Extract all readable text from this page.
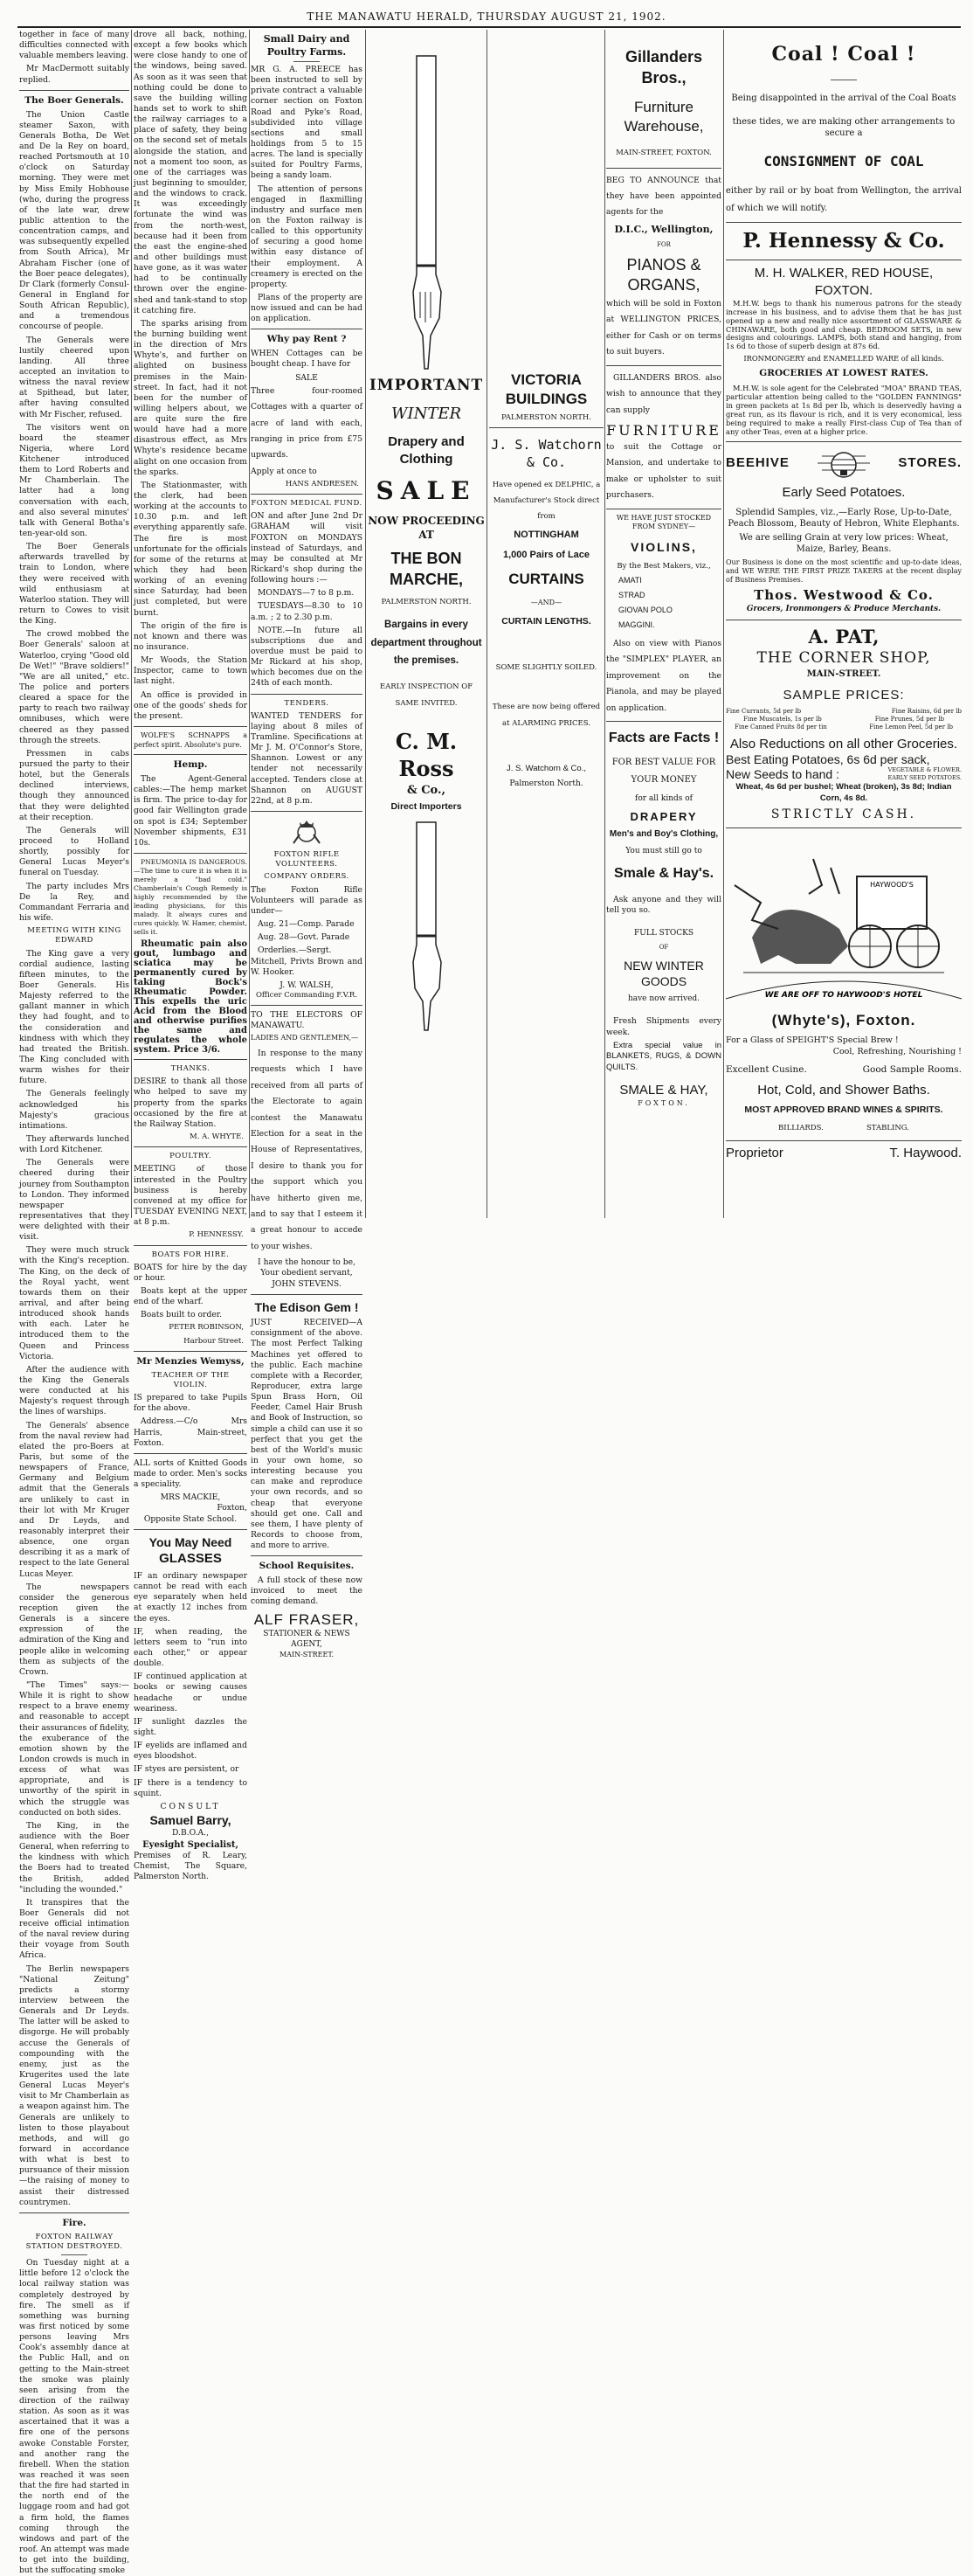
THE MANAWATU HERALD, THURSDAY AUGUST 21, 1902.

together in face of many difficulties connected with valuable members leaving.

Mr MacDermott suitably replied.

The Boer Generals.

The Union Castle steamer Saxon, with Generals Botha, De Wet and De la Rey on board, reached Portsmouth at 10 o'clock on Saturday morning. They were met by Miss Emily Hobhouse (who, during the progress of the late war, drew public attention to the concentration camps, and was subsequently expelled from South Africa), Mr Abraham Fischer (one of the Boer peace delegates), Dr Clark (formerly Consul-General in England for South African Republic), and a tremendous concourse of people.

The Generals were lustily cheered upon landing. All three accepted an invitation to witness the naval review at Spithead, but later, after having consulted with Mr Fischer, refused.

The visitors went on board the steamer Nigeria, where Lord Kitchener introduced them to Lord Roberts and Mr Chamberlain. The latter had a long conversation with each, and also several minutes' talk with General Botha's ten-year-old son.

The Boer Generals afterwards travelled by train to London, where they were received with wild enthusiasm at Waterloo station. They will return to Cowes to visit the King.

The crowd mobbed the Boer Generals' saloon at Waterloo, crying "Good old De Wet!" "Brave soldiers!" "We are all united," etc. The police and porters cleared a space for the party to reach two railway omnibuses, which were cheered as they passed through the streets.

Pressmen in cabs pursued the party to their hotel, but the Generals declined interviews, though they announced that they were delighted at their reception.

The Generals will proceed to Holland shortly, possibly for General Lucas Meyer's funeral on Tuesday.

The party includes Mrs De la Rey, and Commandant Ferraria and his wife.

MEETING WITH KING EDWARD

The King gave a very cordial audience, lasting fifteen minutes, to the Boer Generals. His Majesty referred to the gallant manner in which they had fought, and to the consideration and kindness with which they had treated the British. The King concluded with warm wishes for their future.

The Generals feelingly acknowledged his Majesty's gracious intimations.

They afterwards lunched with Lord Kitchener.

The Generals were cheered during their journey from Southampton to London. They informed newspaper representatives that they were delighted with their visit.

They were much struck with the King's reception. The King, on the deck of the Royal yacht, went towards them on their arrival, and after being introduced shook hands with each. Later he introduced them to the Queen and Princess Victoria.

After the audience with the King the Generals were conducted at his Majesty's request through the lines of warships.

The Generals' absence from the naval review had elated the pro-Boers at Paris, but some of the newspapers of France, Germany and Belgium admit that the Generals are unlikely to cast in their lot with Mr Kruger and Dr Leyds, and reasonably interpret their absence, one organ describing it as a mark of respect to the late General Lucas Meyer.

The newspapers consider the generous reception given the Generals is a sincere expression of the admiration of the King and people alike in welcoming them as subjects of the Crown.

"The Times" says:—While it is right to show respect to a brave enemy and reasonable to accept their assurances of fidelity, the exuberance of the emotion shown by the London crowds is much in excess of what was appropriate, and is unworthy of the spirit in which the struggle was conducted on both sides.

The King, in the audience with the Boer General, when referring to the kindness with which the Boers had to treated the British, added "including the wounded."

It transpires that the Boer Generals did not receive official intimation of the naval review during their voyage from South Africa.

The Berlin newspapers "National Zeitung" predicts a stormy interview between the Generals and Dr Leyds. The latter will be asked to disgorge. He will probably accuse the Generals of compounding with the enemy, just as the Krugerites used the late General Lucas Meyer's visit to Mr Chamberlain as a weapon against him. The Generals are unlikely to listen to those playabout methods, and will go forward in accordance with what is best to pursuance of their mission—the raising of money to assist their distressed countrymen.

Fire.
FOXTON RAILWAY STATION DESTROYED.

On Tuesday night at a little before 12 o'clock the local railway station was completely destroyed by fire. The smell as if something was burning was first noticed by some persons leaving Mrs Cook's assembly dance at the Public Hall, and on getting to the Main-street the smoke was plainly seen arising from the direction of the railway station. As soon as it was ascertained that it was a fire one of the persons awoke Constable Forster, and another rang the firebell. When the station was reached it was seen that the fire had started in the north end of the luggage room and had got a firm hold, the flames coming through the windows and part of the roof. An attempt was made to get into the building, but the suffocating smoke

drove all back, nothing, except a few books which were close handy to one of the windows, being saved. As soon as it was seen that nothing could be done to save the building willing hands set to work to shift the railway carriages to a place of safety, they being on the second set of metals alongside the station, and not a moment too soon, as one of the carriages was just beginning to smoulder, and the windows to crack. It was exceedingly fortunate the wind was from the north-west, because had it been from the east the engine-shed and other buildings must have gone, as it was water had to be continually thrown over the engine-shed and tank-stand to stop it catching fire.

The sparks arising from the burning building went in the direction of Mrs Whyte's, and further on alighted on business premises in the Main-street. In fact, had it not been for the number of willing helpers about, we are quite sure the fire would have had a more disastrous effect, as Mrs Whyte's residence became alight on one occasion from the sparks.

The Stationmaster, with the clerk, had been working at the accounts to 10.30 p.m. and left everything apparently safe. The fire is most unfortunate for the officials for some of the returns at which they had been working of an evening since Saturday, had been just completed, but were burnt.

The origin of the fire is not known and there was no insurance.

Mr Woods, the Station Inspector, came to town last night.

An office is provided in one of the goods' sheds for the present.

WOLFE'S SCHNAPPS a perfect spirit. Absolute's pure.

Hemp.

The Agent-General cables:—The hemp market is firm. The price to-day for good fair Wellington grade on spot is £34; September November shipments, £31 10s.

PNEUMONIA IS DANGEROUS.—The time to cure it is when it is merely a "bad cold." Chamberlain's Cough Remedy is highly recommended by the leading physicians, for this malady. It always cures and cures quickly. W. Hamer, chemist, sells it.

Rheumatic pain also gout, lumbago and sciatica may be permanently cured by taking Bock's Rheumatic Powder. This expells the uric Acid from the Blood and otherwise purifies the same and regulates the whole system. Price 3/6.

THANKS.

DESIRE to thank all those who helped to save my property from the sparks occasioned by the fire at the Railway Station.

M. A. WHYTE.
POULTRY.

MEETING of those interested in the Poultry business is hereby convened at my office for TUESDAY EVENING NEXT, at 8 p.m.

P. HENNESSY.
BOATS FOR HIRE.

BOATS for hire by the day or hour.

Boats kept at the upper end of the wharf.

Boats built to order.

PETER ROBINSON,
Harbour Street.
Mr Menzies Wemyss,
TEACHER OF THE VIOLIN.

IS prepared to take Pupils for the above.

Address.—C/o Mrs Harris, Main-street, Foxton.

ALL sorts of Knitted Goods made to order. Men's socks a speciality.

MRS MACKIE,
Foxton,
Opposite State School.
You May Need
GLASSES

IF an ordinary newspaper cannot be read with each eye separately when held at exactly 12 inches from the eyes.

IF, when reading, the letters seem to "run into each other," or appear double.

IF continued application at books or sewing causes headache or undue weariness.

IF sunlight dazzles the sight.

IF eyelids are inflamed and eyes bloodshot.

IF styes are persistent, or

IF there is a tendency to squint.

CONSULT
Samuel Barry,
D.B.O.A.,
Eyesight Specialist,

Premises of R. Leary, Chemist, The Square, Palmerston North.

Small Dairy and Poultry Farms.

MR G. A. PREECE has been instructed to sell by private contract a valuable corner section on Foxton Road and Pyke's Road, subdivided into village sections and small holdings from 5 to 15 acres. The land is specially suited for Poultry Farms, being a sandy loam.

The attention of persons engaged in flaxmilling industry and surface men on the Foxton railway is called to this opportunity of securing a good home within easy distance of their employment. A creamery is erected on the property.

Plans of the property are now issued and can be had on application.

Why pay Rent ?

WHEN Cottages can be bought cheap. I have for

SALE

Three four-roomed Cottages with a quarter of acre of land with each, ranging in price from £75 upwards.

Apply at once to

HANS ANDRESEN.
FOXTON MEDICAL FUND.

ON and after June 2nd Dr GRAHAM will visit FOXTON on MONDAYS instead of Saturdays, and may be consulted at Mr Rickard's shop during the following hours :—

MONDAYS—7 to 8 p.m.

TUESDAYS—8.30 to 10 a.m. ; 2 to 2.30 p.m.

NOTE.—In future all subscriptions due and overdue must be paid to Mr Rickard at his shop, which becomes due on the 24th of each month.

TENDERS.

WANTED TENDERS for laying about 8 miles of Tramline. Specifications at Mr J. M. O'Connor's Store, Shannon. Lowest or any tender not necessarily accepted. Tenders close at Shannon on AUGUST 22nd, at 8 p.m.

FOXTON RIFLE VOLUNTEERS.
COMPANY ORDERS.

The Foxton Rifle Volunteers will parade as under—

Aug. 21—Comp. Parade

Aug. 28—Govt. Parade

Orderlies.—Sergt. Mitchell, Privts Brown and W. Hooker.

J. W. WALSH,
Officer Commanding F.V.R.

TO THE ELECTORS OF MANAWATU.

LADIES AND GENTLEMEN,—

In response to the many requests which I have received from all parts of the Electorate to again contest the Manawatu Election for a seat in the House of Representatives, I desire to thank you for the support which you have hitherto given me, and to say that I esteem it a great honour to accede to your wishes.

I have the honour to be,
Your obedient servant,
JOHN STEVENS.
The Edison Gem !

JUST RECEIVED—A consignment of the above. The most Perfect Talking Machines yet offered to the public. Each machine complete with a Recorder, Reproducer, extra large Spun Brass Horn, Oil Feeder, Camel Hair Brush and Book of Instruction, so simple a child can use it so perfect that you get the best of the World's music in your own home, so interesting because you can make and reproduce your own records, and so cheap that everyone should get one. Call and see them, I have plenty of Records to choose from, and more to arrive.

School Requisites.

A full stock of these now invoiced to meet the coming demand.

ALF FRASER,
STATIONER & NEWS AGENT,
MAIN-STREET.
IMPORTANT
WINTER
Drapery and Clothing
SALE
NOW PROCEEDING AT
THE BON MARCHE,
PALMERSTON NORTH.
Bargains in every department throughout the premises.
EARLY INSPECTION OF SAME INVITED.
C. M. Ross
& Co.,
Direct Importers
VICTORIA BUILDINGS
PALMERSTON NORTH.
J. S. Watchorn
& Co.

Have opened ex DELPHIC, a Manufacturer's Stock direct

from
NOTTINGHAM
1,000 Pairs of Lace
CURTAINS
—AND—
CURTAIN LENGTHS.
SOME SLIGHTLY SOILED.

These are now being offered at ALARMING PRICES.

J. S. Watchorn & Co.,
Palmerston North.
Gillanders Bros.,
Furniture Warehouse,
MAIN-STREET, FOXTON.

BEG TO ANNOUNCE that they have been appointed agents for the

D.I.C., Wellington,
FOR
PIANOS & ORGANS,

which will be sold in Foxton at WELLINGTON PRICES, either for Cash or on terms to suit buyers.

GILLANDERS BROS. also wish to announce that they can supply

FURNITURE

to suit the Cottage or Mansion, and undertake to make or upholster to suit purchasers.

WE HAVE JUST STOCKED FROM SYDNEY—
VIOLINS,
By the Best Makers, viz.,
AMATI
STRAD
GIOVAN POLO
MAGGINI.

Also on view with Pianos the "SIMPLEX" PLAYER, an improvement on the Pianola, and may be played on application.

Facts are Facts !
FOR BEST VALUE FOR YOUR MONEY
for all kinds of
DRAPERY
Men's and Boy's Clothing,
You must still go to
Smale & Hay's.

Ask anyone and they will tell you so.

FULL STOCKS
OF
NEW WINTER GOODS
have now arrived.

Fresh Shipments every week.

Extra special value in BLANKETS, RUGS, & DOWN QUILTS.

SMALE & HAY,
FOXTON.
Coal ! Coal !
Being disappointed in the arrival of the Coal Boats
these tides, we are making other arrangements to secure a
CONSIGNMENT OF COAL

either by rail or by boat from Wellington, the arrival of which we will notify.

P. Hennessy & Co.
M. H. WALKER, RED HOUSE, FOXTON.

M.H.W. begs to thank his numerous patrons for the steady increase in his business, and to advise them that he has just opened up a new and really nice assortment of GLASSWARE & CHINAWARE, both good and cheap. BEDROOM SETS, in new designs and colourings. LAMPS, both stand and hanging, from 1s 6d to those of superb design at 87s 6d.

IRONMONGERY and ENAMELLED WARE of all kinds.
GROCERIES AT LOWEST RATES.

M.H.W. is sole agent for the Celebrated "MOA" BRAND TEAS, particular attention being called to the "GOLDEN FANNINGS" in green packets at 1s 8d per lb, which is deservedly having a great run, as its flavour is rich, and it is very economical, less being required to make a really First-class Cup of Tea than of any other Teas, even at a higher price.

BEEHIVE	STORES.
Early Seed Potatoes.

Splendid Samples, viz.,—Early Rose, Up-to-Date, Peach Blossom, Beauty of Hebron, White Elephants.

We are selling Grain at very low prices: Wheat, Maize, Barley, Beans.

Our Business is done on the most scientific and up-to-date ideas, and WE WERE THE FIRST PRIZE TAKERS at the recent display of Business Premises.

Thos. Westwood & Co.
Grocers, Ironmongers & Produce Merchants.
A. PAT,
THE CORNER SHOP,
MAIN-STREET.
SAMPLE PRICES:
Fine Currants, 5d per lb	Fine Raisins, 6d per lb
Fine Muscatels, 1s per lb	Fine Prunes, 5d per lb
Fine Canned Fruits 8d per tin	Fine Lemon Peel, 5d per lb
Also Reductions on all other Groceries.
Best Eating Potatoes, 6s 6d per sack,
New Seeds to hand :	VEGETABLE & FLOWER.
EARLY SEED POTATOES.

Wheat, 4s 6d per bushel; Wheat (broken), 3s 8d; Indian Corn, 4s 8d.

STRICTLY CASH.
HAYWOOD'S
WE ARE OFF TO HAYWOOD'S HOTEL
(Whyte's), Foxton.
For a Glass of SPEIGHT'S Special Brew !
Cool, Refreshing, Nourishing !
Excellent Cusine.	Good Sample Rooms.
Hot, Cold, and Shower Baths.
MOST APPROVED BRAND WINES & SPIRITS.
BILLIARDS.	STABLING.
Proprietor	T. Haywood.
